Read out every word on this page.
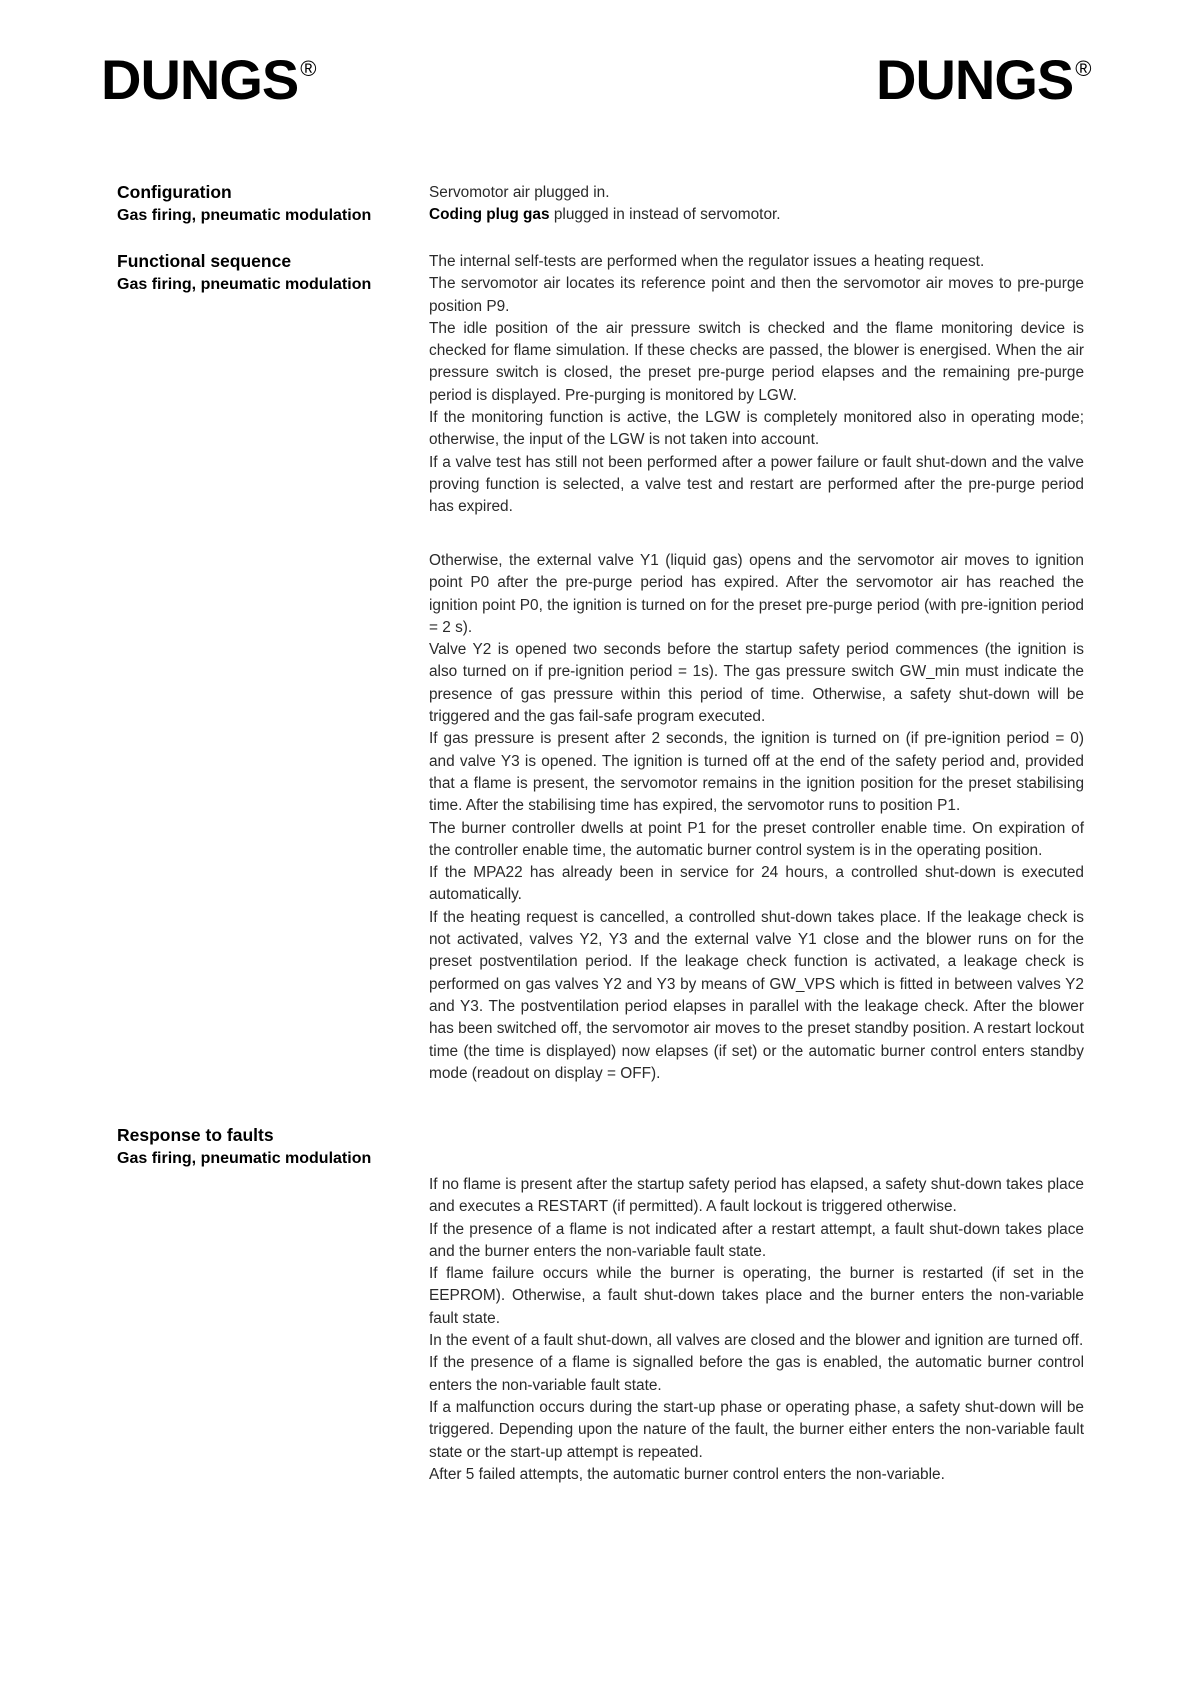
DUNGS®	DUNGS®
Configuration
Gas firing, pneumatic modulation

Servomotor air plugged in.

Coding plug gas plugged in instead of servomotor.

Functional sequence
Gas firing, pneumatic modulation

The internal self-tests are performed when the regulator issues a heating request.

The servomotor air locates its reference point and then the servomotor air moves to pre-purge position P9.

The idle position of the air pressure switch is checked and the flame monitoring device is checked for flame simulation. If these checks are passed, the blower is energised. When the air pressure switch is closed, the preset pre-purge period elapses and the remaining pre-purge period is displayed. Pre-purging is monitored by LGW.

If the monitoring function is active, the LGW is completely monitored also in operating mode; otherwise, the input of the LGW is not taken into account.

If a valve test has still not been performed after a power failure or fault shut-down and the valve proving function is selected, a valve test and restart are performed after the pre-purge period has expired.

Otherwise, the external valve Y1 (liquid gas) opens and the servomotor air moves to ignition point P0 after the pre-purge period has expired. After the servomotor air has reached the ignition point P0, the ignition is turned on for the preset pre-purge period (with pre-ignition period = 2 s).

Valve Y2 is opened two seconds before the startup safety period commences (the ignition is also turned on if pre-ignition period = 1s). The gas pressure switch GW_min must indicate the presence of gas pressure within this period of time. Otherwise, a safety shut-down will be triggered and the gas fail-safe program executed.

If gas pressure is present after 2 seconds, the ignition is turned on (if pre-ignition period = 0) and valve Y3 is opened. The ignition is turned off at the end of the safety period and, provided that a flame is present, the servomotor remains in the ignition position for the preset stabilising time. After the stabilising time has expired, the servomotor runs to position P1.

The burner controller dwells at point P1 for the preset controller enable time. On expiration of the controller enable time, the automatic burner control system is in the operating position.

If the MPA22 has already been in service for 24 hours, a controlled shut-down is executed automatically.

If the heating request is cancelled, a controlled shut-down takes place. If the leakage check is not activated, valves Y2, Y3 and the external valve Y1 close and the blower runs on for the preset postventilation period. If the leakage check function is activated, a leakage check is performed on gas valves Y2 and Y3 by means of GW_VPS which is fitted in between valves Y2 and Y3. The postventilation period elapses in parallel with the leakage check. After the blower has been switched off, the servomotor air moves to the preset standby position. A restart lockout time (the time is displayed) now elapses (if set) or the automatic burner control enters standby mode (readout on display = OFF).

Response to faults
Gas firing, pneumatic modulation

If no flame is present after the startup safety period has elapsed, a safety shut-down takes place and executes a RESTART (if permitted). A fault lockout is triggered otherwise.

If the presence of a flame is not indicated after a restart attempt, a fault shut-down takes place and the burner enters the non-variable fault state.

If flame failure occurs while the burner is operating, the burner is restarted (if set in the EEPROM). Otherwise, a fault shut-down takes place and the burner enters the non-variable fault state.

In the event of a fault shut-down, all valves are closed and the blower and ignition are turned off.

If the presence of a flame is signalled before the gas is enabled, the automatic burner control enters the non-variable fault state.

If a malfunction occurs during the start-up phase or operating phase, a safety shut-down will be triggered. Depending upon the nature of the fault, the burner either enters the non-variable fault state or the start-up attempt is repeated.

After 5 failed attempts, the automatic burner control enters the non-variable.
